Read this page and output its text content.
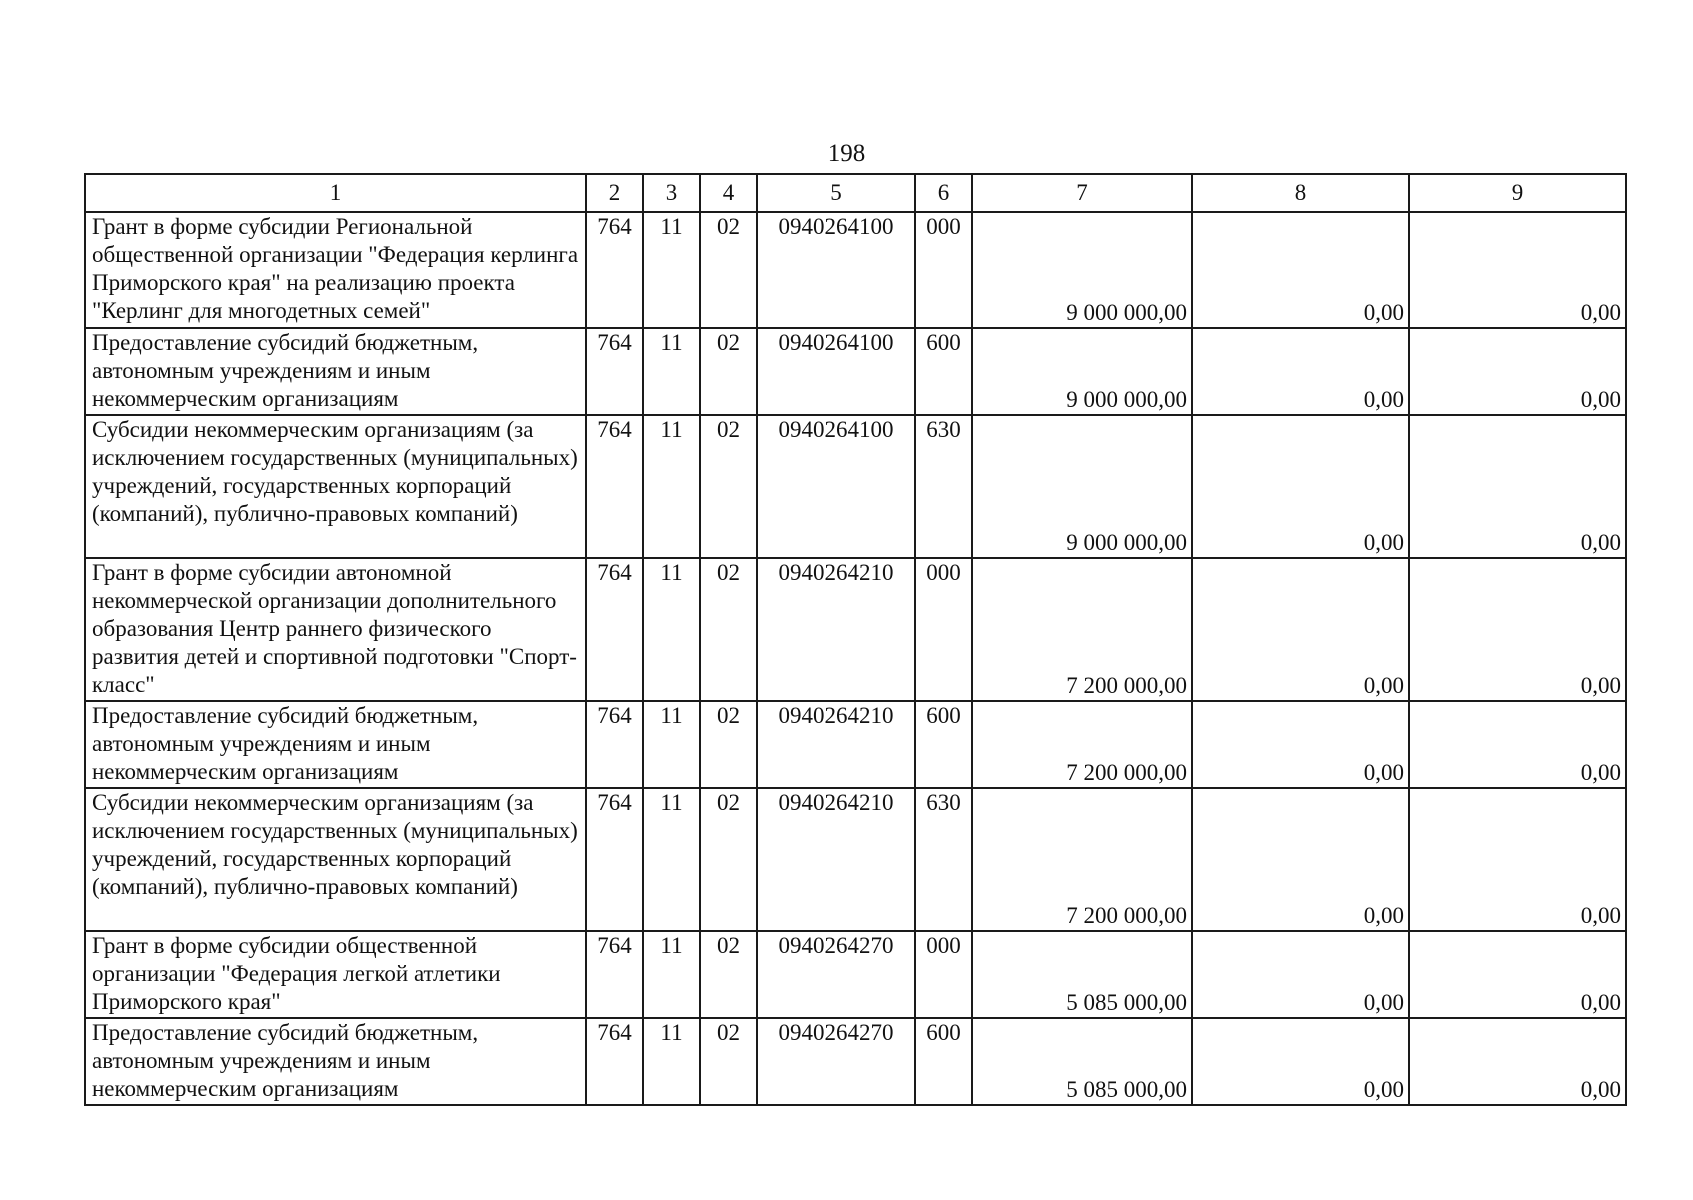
198
1	2	3	4	5	6	7	8	9
Грант в форме субсидии Региональной общественной организации "Федерация керлинга Приморского края" на реализацию проекта "Керлинг для многодетных семей"	764	11	02	0940264100	000	9 000 000,00	0,00	0,00
Предоставление субсидий бюджетным, автономным учреждениям и иным некоммерческим организациям	764	11	02	0940264100	600	9 000 000,00	0,00	0,00
Субсидии некоммерческим организациям (за исключением государственных (муниципальных) учреждений, государственных корпораций (компаний), публично-правовых компаний)	764	11	02	0940264100	630	9 000 000,00	0,00	0,00
Грант в форме субсидии автономной некоммерческой организации дополнительного образования Центр раннего физического развития детей и спортивной подготовки "Спорт-класс"	764	11	02	0940264210	000	7 200 000,00	0,00	0,00
Предоставление субсидий бюджетным, автономным учреждениям и иным некоммерческим организациям	764	11	02	0940264210	600	7 200 000,00	0,00	0,00
Субсидии некоммерческим организациям (за исключением государственных (муниципальных) учреждений, государственных корпораций (компаний), публично-правовых компаний)	764	11	02	0940264210	630	7 200 000,00	0,00	0,00
Грант в форме субсидии общественной организации "Федерация легкой атлетики Приморского края"	764	11	02	0940264270	000	5 085 000,00	0,00	0,00
Предоставление субсидий бюджетным, автономным учреждениям и иным некоммерческим организациям	764	11	02	0940264270	600	5 085 000,00	0,00	0,00
